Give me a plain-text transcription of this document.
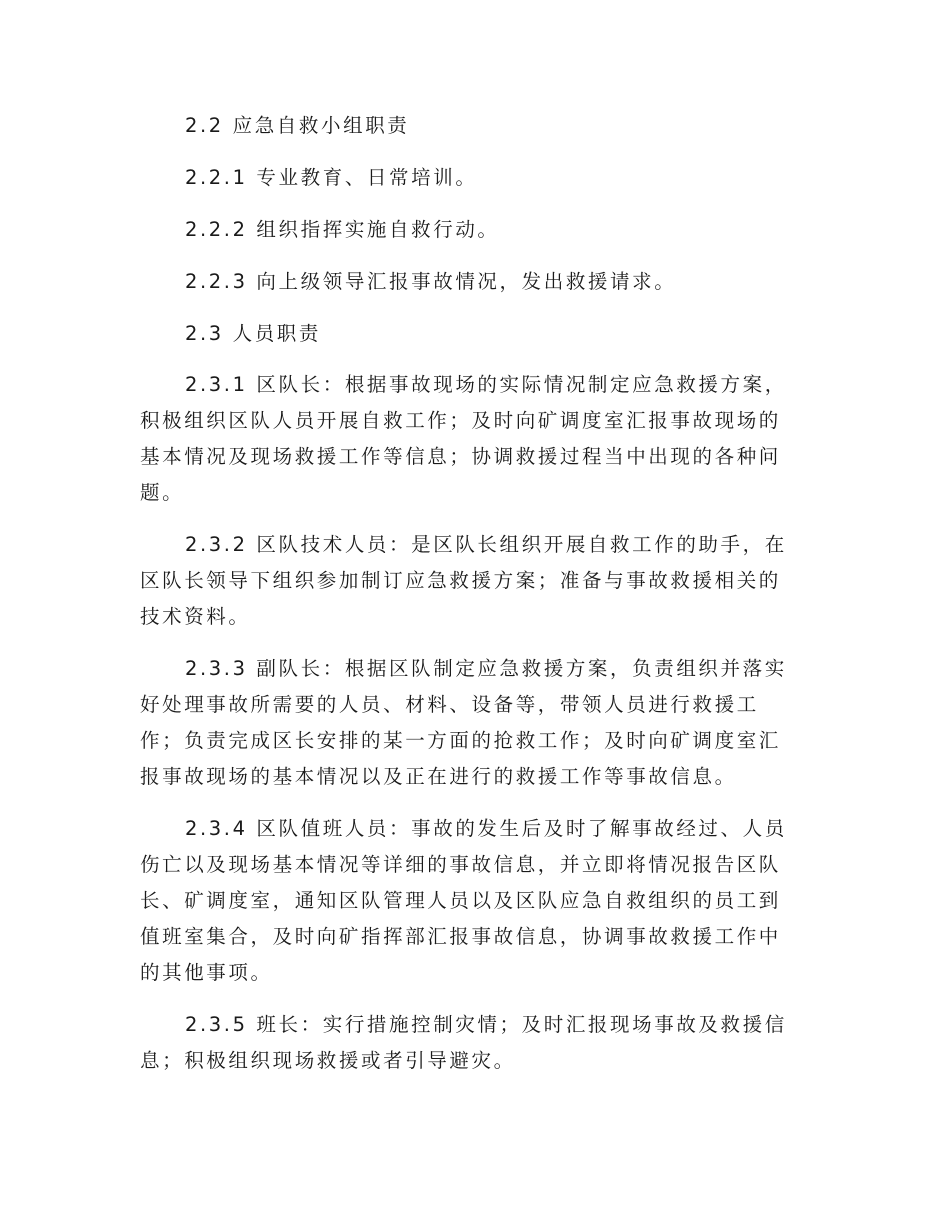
2.2 应急自救小组职责

2.2.1 专业教育、日常培训。

2.2.2 组织指挥实施自救行动。

2.2.3 向上级领导汇报事故情况，发出救援请求。

2.3 人员职责

2.3.1 区队长：根据事故现场的实际情况制定应急救援方案，积极组织区队人员开展自救工作；及时向矿调度室汇报事故现场的基本情况及现场救援工作等信息；协调救援过程当中出现的各种问题。

2.3.2 区队技术人员：是区队长组织开展自救工作的助手，在区队长领导下组织参加制订应急救援方案；准备与事故救援相关的技术资料。

2.3.3 副队长：根据区队制定应急救援方案，负责组织并落实好处理事故所需要的人员、材料、设备等，带领人员进行救援工作；负责完成区长安排的某一方面的抢救工作；及时向矿调度室汇报事故现场的基本情况以及正在进行的救援工作等事故信息。

2.3.4 区队值班人员：事故的发生后及时了解事故经过、人员伤亡以及现场基本情况等详细的事故信息，并立即将情况报告区队长、矿调度室，通知区队管理人员以及区队应急自救组织的员工到值班室集合，及时向矿指挥部汇报事故信息，协调事故救援工作中的其他事项。

2.3.5 班长：实行措施控制灾情；及时汇报现场事故及救援信息；积极组织现场救援或者引导避灾。
